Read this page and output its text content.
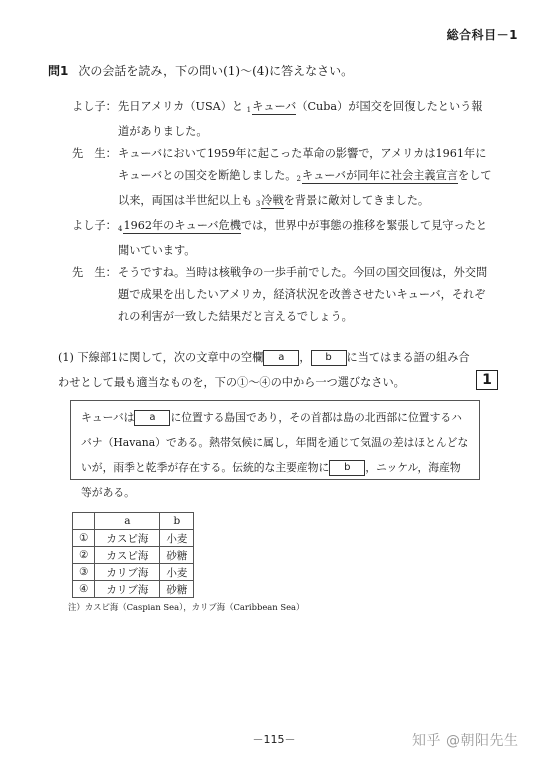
総合科目－1
問1 次の会話を読み，下の問い(1)～(4)に答えなさい。
よし子： 先日アメリカ（USA）と $_1$キューバ（Cuba）が国交を回復したという報道がありました。
先　生： キューバにおいて1959年に起こった革命の影響で，アメリカは1961年にキューバとの国交を断絶しました。$_2$キューバが同年に社会主義宣言をして以来，両国は半世紀以上も $_3$冷戦を背景に敵対してきました。
よし子： $_4$1962年のキューバ危機では，世界中が事態の推移を緊張して見守ったと聞いています。
先　生： そうですね。当時は核戦争の一歩手前でした。今回の国交回復は，外交問題で成果を出したいアメリカ，経済状況を改善させたいキューバ，それぞれの利害が一致した結果だと言えるでしょう。
(1) 下線部1に関して，次の文章中の空欄 a ， b に当てはまる語の組み合わせとして最も適当なものを，下の①～④の中から一つ選びなさい。	1
キューバは a に位置する島国であり，その首都は島の北西部に位置するハバナ（Havana）である。熱帯気候に属し，年間を通じて気温の差はほとんどないが，雨季と乾季が存在する。伝統的な主要産物に b ，ニッケル，海産物等がある。
	a	b
①	カスピ海	小麦
②	カスピ海	砂糖
③	カリブ海	小麦
④	カリブ海	砂糖
注）カスピ海（Caspian Sea），カリブ海（Caribbean Sea）
－115－	知乎 @朝阳先生
